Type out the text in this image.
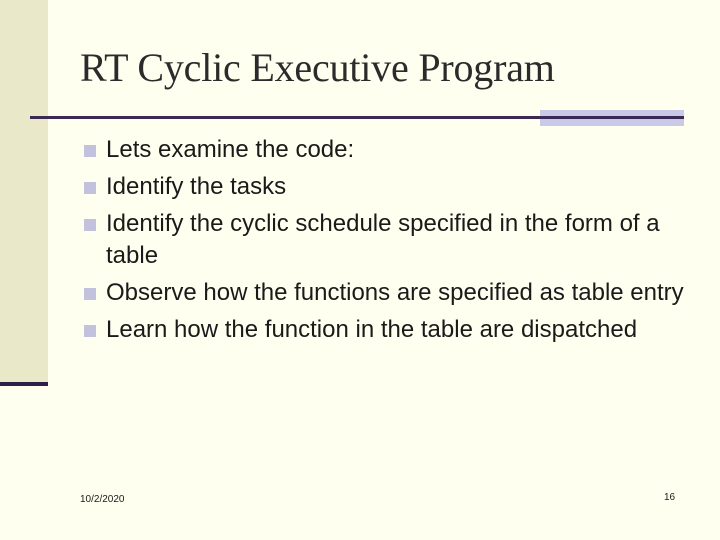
RT Cyclic Executive Program
Lets examine the code:
Identify the tasks
Identify the cyclic schedule specified in the form of a table
Observe how the functions are specified as table entry
Learn how the function in the table are dispatched
10/2/2020	16
